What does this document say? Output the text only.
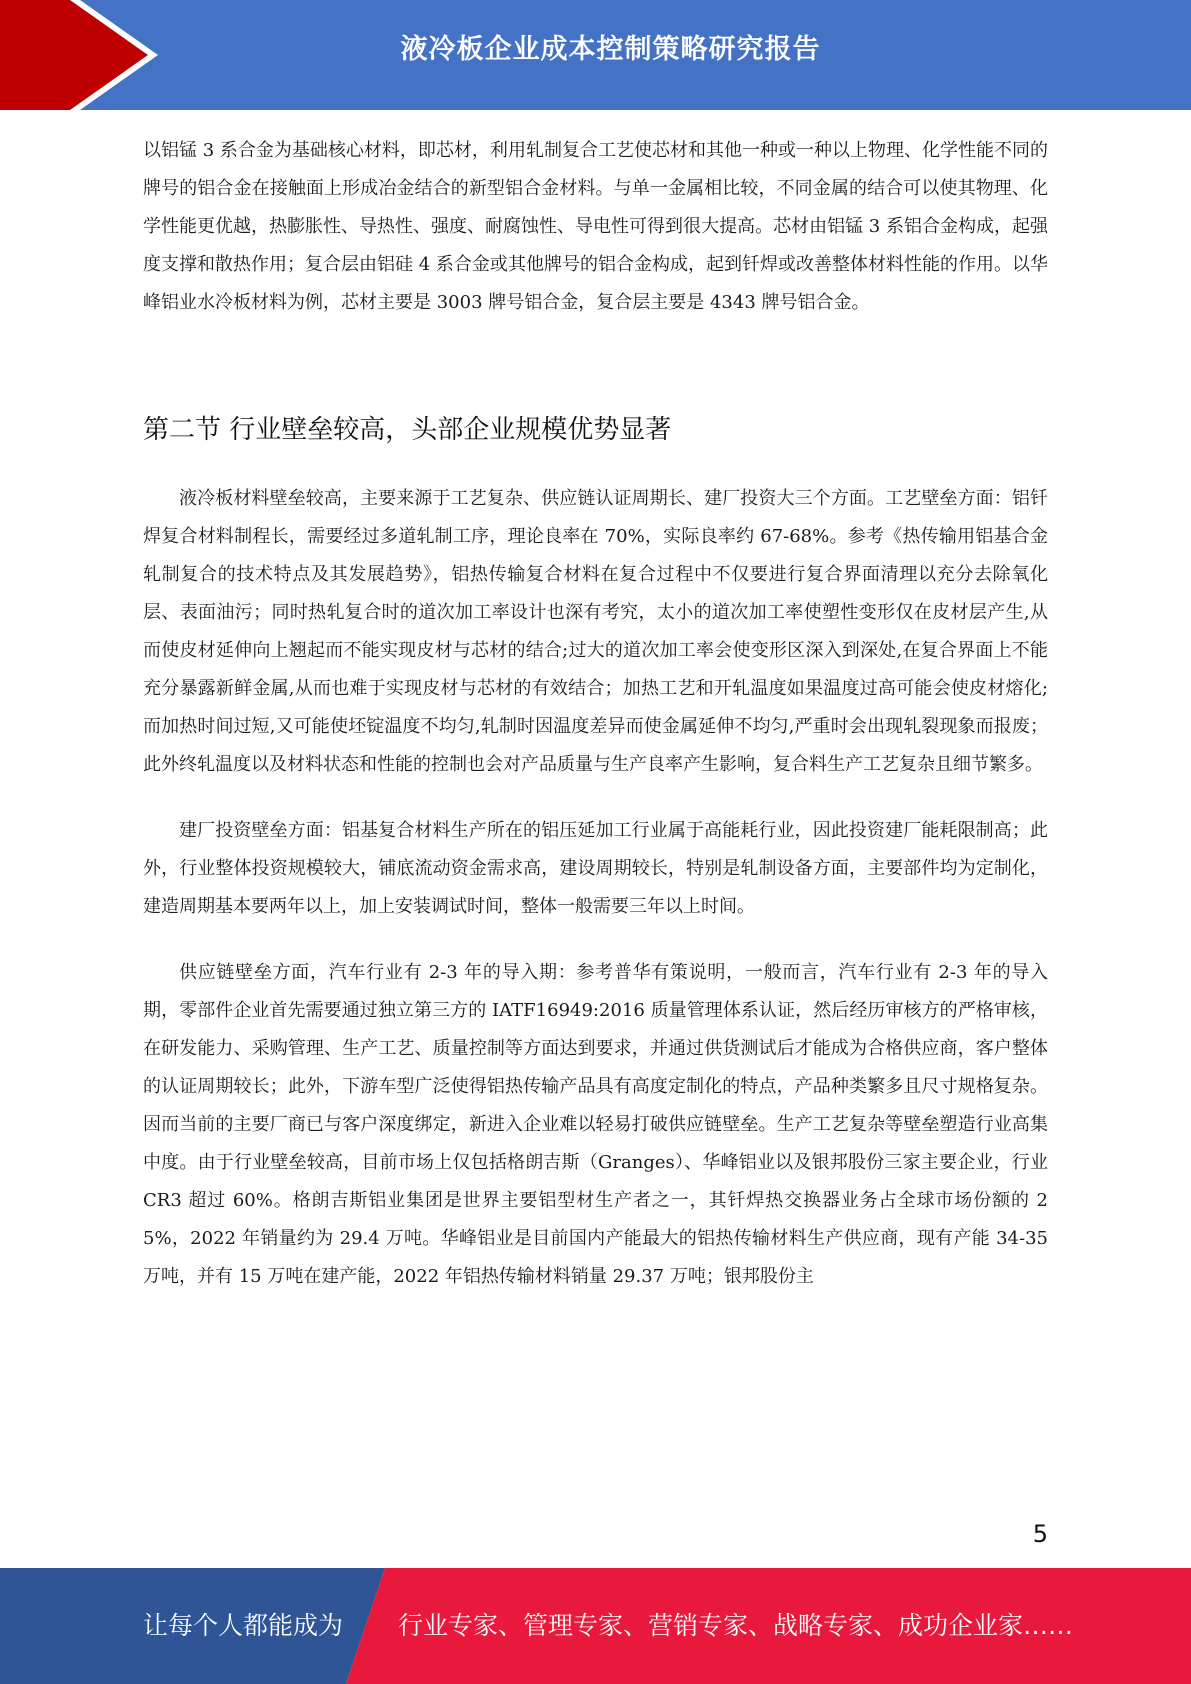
液冷板企业成本控制策略研究报告

以铝锰 3 系合金为基础核心材料，即芯材，利用轧制复合工艺使芯材和其他一种或一种以上物理、化学性能不同的牌号的铝合金在接触面上形成冶金结合的新型铝合金材料。与单一金属相比较，不同金属的结合可以使其物理、化学性能更优越，热膨胀性、导热性、强度、耐腐蚀性、导电性可得到很大提高。芯材由铝锰 3 系铝合金构成，起强度支撑和散热作用；复合层由铝硅 4 系合金或其他牌号的铝合金构成，起到钎焊或改善整体材料性能的作用。以华峰铝业水冷板材料为例，芯材主要是 3003 牌号铝合金，复合层主要是 4343 牌号铝合金。

第二节 行业壁垒较高，头部企业规模优势显著

液冷板材料壁垒较高，主要来源于工艺复杂、供应链认证周期长、建厂投资大三个方面。工艺壁垒方面：铝钎焊复合材料制程长，需要经过多道轧制工序，理论良率在 70%，实际良率约 67-68%。参考《热传输用铝基合金轧制复合的技术特点及其发展趋势》，铝热传输复合材料在复合过程中不仅要进行复合界面清理以充分去除氧化层、表面油污；同时热轧复合时的道次加工率设计也深有考究，太小的道次加工率使塑性变形仅在皮材层产生,从而使皮材延伸向上翘起而不能实现皮材与芯材的结合;过大的道次加工率会使变形区深入到深处,在复合界面上不能充分暴露新鲜金属,从而也难于实现皮材与芯材的有效结合；加热工艺和开轧温度如果温度过高可能会使皮材熔化;而加热时间过短,又可能使坯锭温度不均匀,轧制时因温度差异而使金属延伸不均匀,严重时会出现轧裂现象而报废；此外终轧温度以及材料状态和性能的控制也会对产品质量与生产良率产生影响，复合料生产工艺复杂且细节繁多。

建厂投资壁垒方面：铝基复合材料生产所在的铝压延加工行业属于高能耗行业，因此投资建厂能耗限制高；此外，行业整体投资规模较大，铺底流动资金需求高，建设周期较长，特别是轧制设备方面，主要部件均为定制化，建造周期基本要两年以上，加上安装调试时间，整体一般需要三年以上时间。

供应链壁垒方面，汽车行业有 2-3 年的导入期：参考普华有策说明，一般而言，汽车行业有 2-3 年的导入期，零部件企业首先需要通过独立第三方的 IATF16949:2016 质量管理体系认证，然后经历审核方的严格审核，在研发能力、采购管理、生产工艺、质量控制等方面达到要求，并通过供货测试后才能成为合格供应商，客户整体的认证周期较长；此外，下游车型广泛使得铝热传输产品具有高度定制化的特点，产品种类繁多且尺寸规格复杂。因而当前的主要厂商已与客户深度绑定，新进入企业难以轻易打破供应链壁垒。生产工艺复杂等壁垒塑造行业高集中度。由于行业壁垒较高，目前市场上仅包括格朗吉斯（Granges）、华峰铝业以及银邦股份三家主要企业，行业 CR3 超过 60%。格朗吉斯铝业集团是世界主要铝型材生产者之一，其钎焊热交换器业务占全球市场份额的 25%，2022 年销量约为 29.4 万吨。华峰铝业是目前国内产能最大的铝热传输材料生产供应商，现有产能 34-35 万吨，并有 15 万吨在建产能，2022 年铝热传输材料销量 29.37 万吨；银邦股份主

5
让每个人都能成为 行业专家、管理专家、营销专家、战略专家、成功企业家……
